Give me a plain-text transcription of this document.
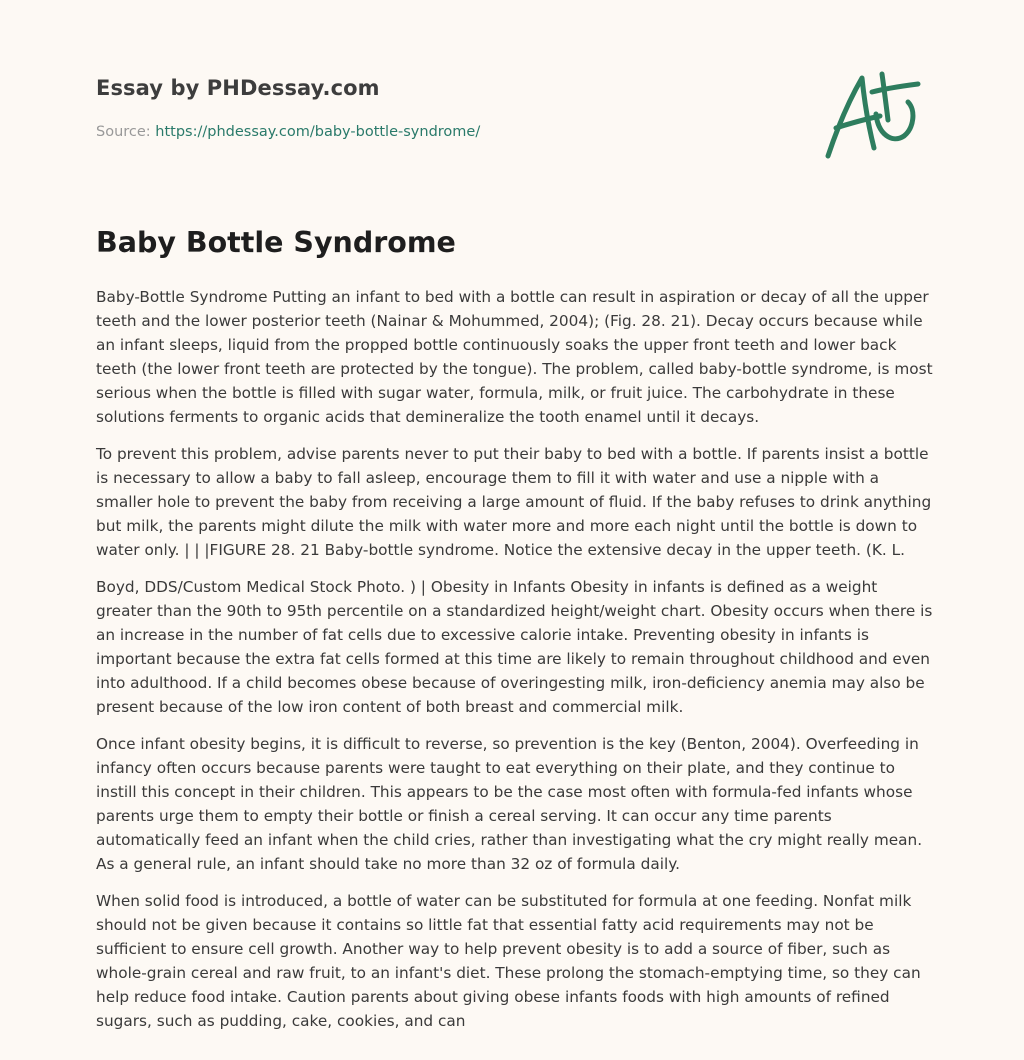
Essay by PHDessay.com
Source: https://phdessay.com/baby-bottle-syndrome/
Baby Bottle Syndrome

Baby-Bottle Syndrome Putting an infant to bed with a bottle can result in aspiration or decay of all the upper teeth and the lower posterior teeth (Nainar & Mohummed, 2004); (Fig. 28. 21). Decay occurs because while an infant sleeps, liquid from the propped bottle continuously soaks the upper front teeth and lower back teeth (the lower front teeth are protected by the tongue). The problem, called baby-bottle syndrome, is most serious when the bottle is filled with sugar water, formula, milk, or fruit juice. The carbohydrate in these solutions ferments to organic acids that demineralize the tooth enamel until it decays.

To prevent this problem, advise parents never to put their baby to bed with a bottle. If parents insist a bottle is necessary to allow a baby to fall asleep, encourage them to fill it with water and use a nipple with a smaller hole to prevent the baby from receiving a large amount of fluid. If the baby refuses to drink anything but milk, the parents might dilute the milk with water more and more each night until the bottle is down to water only. | | |FIGURE 28. 21 Baby-bottle syndrome. Notice the extensive decay in the upper teeth. (K. L.

Boyd, DDS/Custom Medical Stock Photo. ) | Obesity in Infants Obesity in infants is defined as a weight greater than the 90th to 95th percentile on a standardized height/weight chart. Obesity occurs when there is an increase in the number of fat cells due to excessive calorie intake. Preventing obesity in infants is important because the extra fat cells formed at this time are likely to remain throughout childhood and even into adulthood. If a child becomes obese because of overingesting milk, iron-deficiency anemia may also be present because of the low iron content of both breast and commercial milk.

Once infant obesity begins, it is difficult to reverse, so prevention is the key (Benton, 2004). Overfeeding in infancy often occurs because parents were taught to eat everything on their plate, and they continue to instill this concept in their children. This appears to be the case most often with formula-fed infants whose parents urge them to empty their bottle or finish a cereal serving. It can occur any time parents automatically feed an infant when the child cries, rather than investigating what the cry might really mean. As a general rule, an infant should take no more than 32 oz of formula daily.

When solid food is introduced, a bottle of water can be substituted for formula at one feeding. Nonfat milk should not be given because it contains so little fat that essential fatty acid requirements may not be sufficient to ensure cell growth. Another way to help prevent obesity is to add a source of fiber, such as whole-grain cereal and raw fruit, to an infant's diet. These prolong the stomach-emptying time, so they can help reduce food intake. Caution parents about giving obese infants foods with high amounts of refined sugars, such as pudding, cake, cookies, and can
